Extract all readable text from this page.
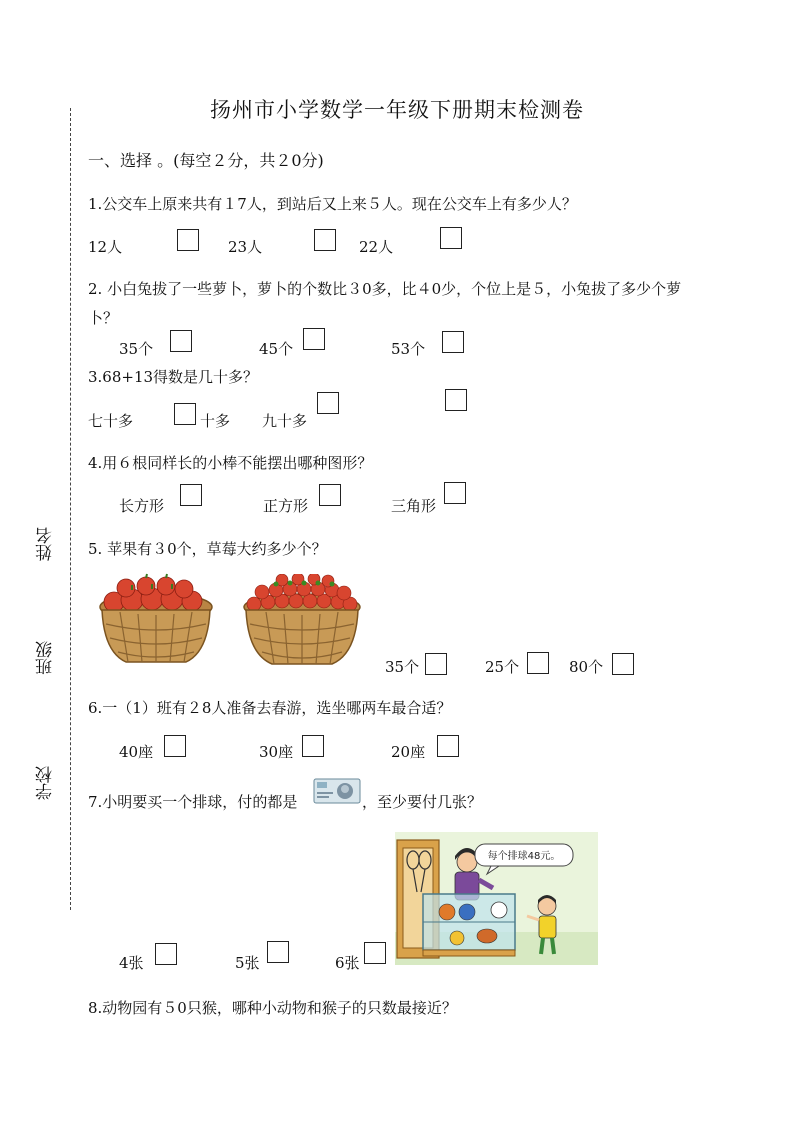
扬州市小学数学一年级下册期末检测卷
姓名
班级
学校
一、选择 。(每空２分，共２0分)
1.公交车上原来共有１7人，到站后又上来５人。现在公交车上有多少人？
12人	23人	22人
2. 小白兔拔了一些萝卜，萝卜的个数比３0多，比４0少，个位上是５，小兔拔了多少个萝
卜？
35个	45个	53个
3.68+13得数是几十多？
七十多	十多 九十多
4.用６根同样长的小棒不能摆出哪种图形？
长方形	正方形	三角形
5. 苹果有３0个，草莓大约多少个？
35个	25个	80个
6.一（1）班有２8人准备去春游，选坐哪两车最合适？
40座	30座	20座
7.小明要买一个排球，付的都是	，至少要付几张？
每个排球48元。
4张	5张	6张
8.动物园有５0只猴，哪种小动物和猴子的只数最接近？
